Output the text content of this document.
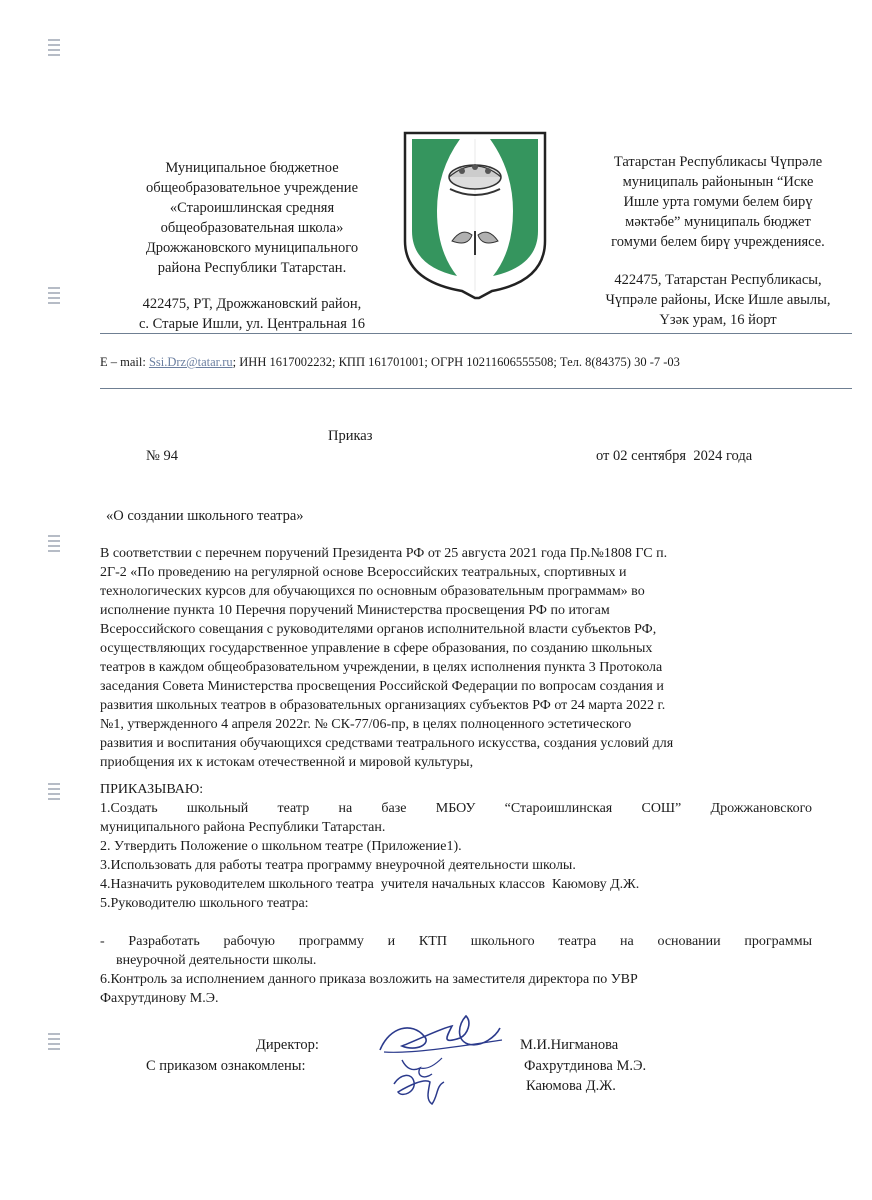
Муниципальное бюджетное

общеобразовательное учреждение

«Староишлинская средняя

общеобразовательная школа»

Дрожжановского муниципального

района Республики Татарстан.

422475, РТ, Дрожжановский район,

с. Старые Ишли, ул. Центральная 16

Татарстан Республикасы Чүпрәле

муниципаль районынын “Иске

Ишле урта гомуми белем бирү

мәктәбе” муниципаль бюджет

гомуми белем бирү учреждениясе.

422475, Татарстан Республикасы,

Чүпрәле районы, Иске Ишле авылы,

Үзәк урам, 16 йорт

E – mail: Ssi.Drz@tatar.ru; ИНН 1617002232; КПП 161701001; ОГРН 10211606555508; Тел. 8(84375) 30 -7 -03
Приказ
№ 94	от 02 сентября  2024 года
«О создании школьного театра»

В соответствии с перечнем поручений Президента РФ от 25 августа 2021 года Пр.№1808 ГС п.

2Г-2 «По проведению на регулярной основе Всероссийских театральных, спортивных и

технологических курсов для обучающихся по основным образовательным программам» во

исполнение пункта 10 Перечня поручений Министерства просвещения РФ по итогам

Всероссийского совещания с руководителями органов исполнительной власти субъектов РФ,

осуществляющих государственное управление в сфере образования, по созданию школьных

театров в каждом общеобразовательном учреждении, в целях исполнения пункта 3 Протокола

заседания Совета Министерства просвещения Российской Федерации по вопросам создания и

развития школьных театров в образовательных организациях субъектов РФ от 24 марта 2022 г.

№1, утвержденного 4 апреля 2022г. № СК-77/06-пр, в целях полноценного эстетического

развития и воспитания обучающихся средствами театрального искусства, создания условий для

приобщения их к истокам отечественной и мировой культуры,

ПРИКАЗЫВАЮ:

1.Создать школьный театр на базе МБОУ “Староишлинская СОШ” Дрожжановского

муниципального района Республики Татарстан.

2. Утвердить Положение о школьном театре (Приложение1).

3.Использовать для работы театра программу внеурочной деятельности школы.

4.Назначить руководителем школьного театра  учителя начальных классов  Каюмову Д.Ж.

5.Руководителю школьного театра:

- Разработать рабочую программу и КТП школьного театра на основании программы

внеурочной деятельности школы.

6.Контроль за исполнением данного приказа возложить на заместителя директора по УВР

Фахрутдинову М.Э.

Директор:	М.И.Нигманова
С приказом ознакомлены:	Фахрутдинова М.Э.
Каюмова Д.Ж.
